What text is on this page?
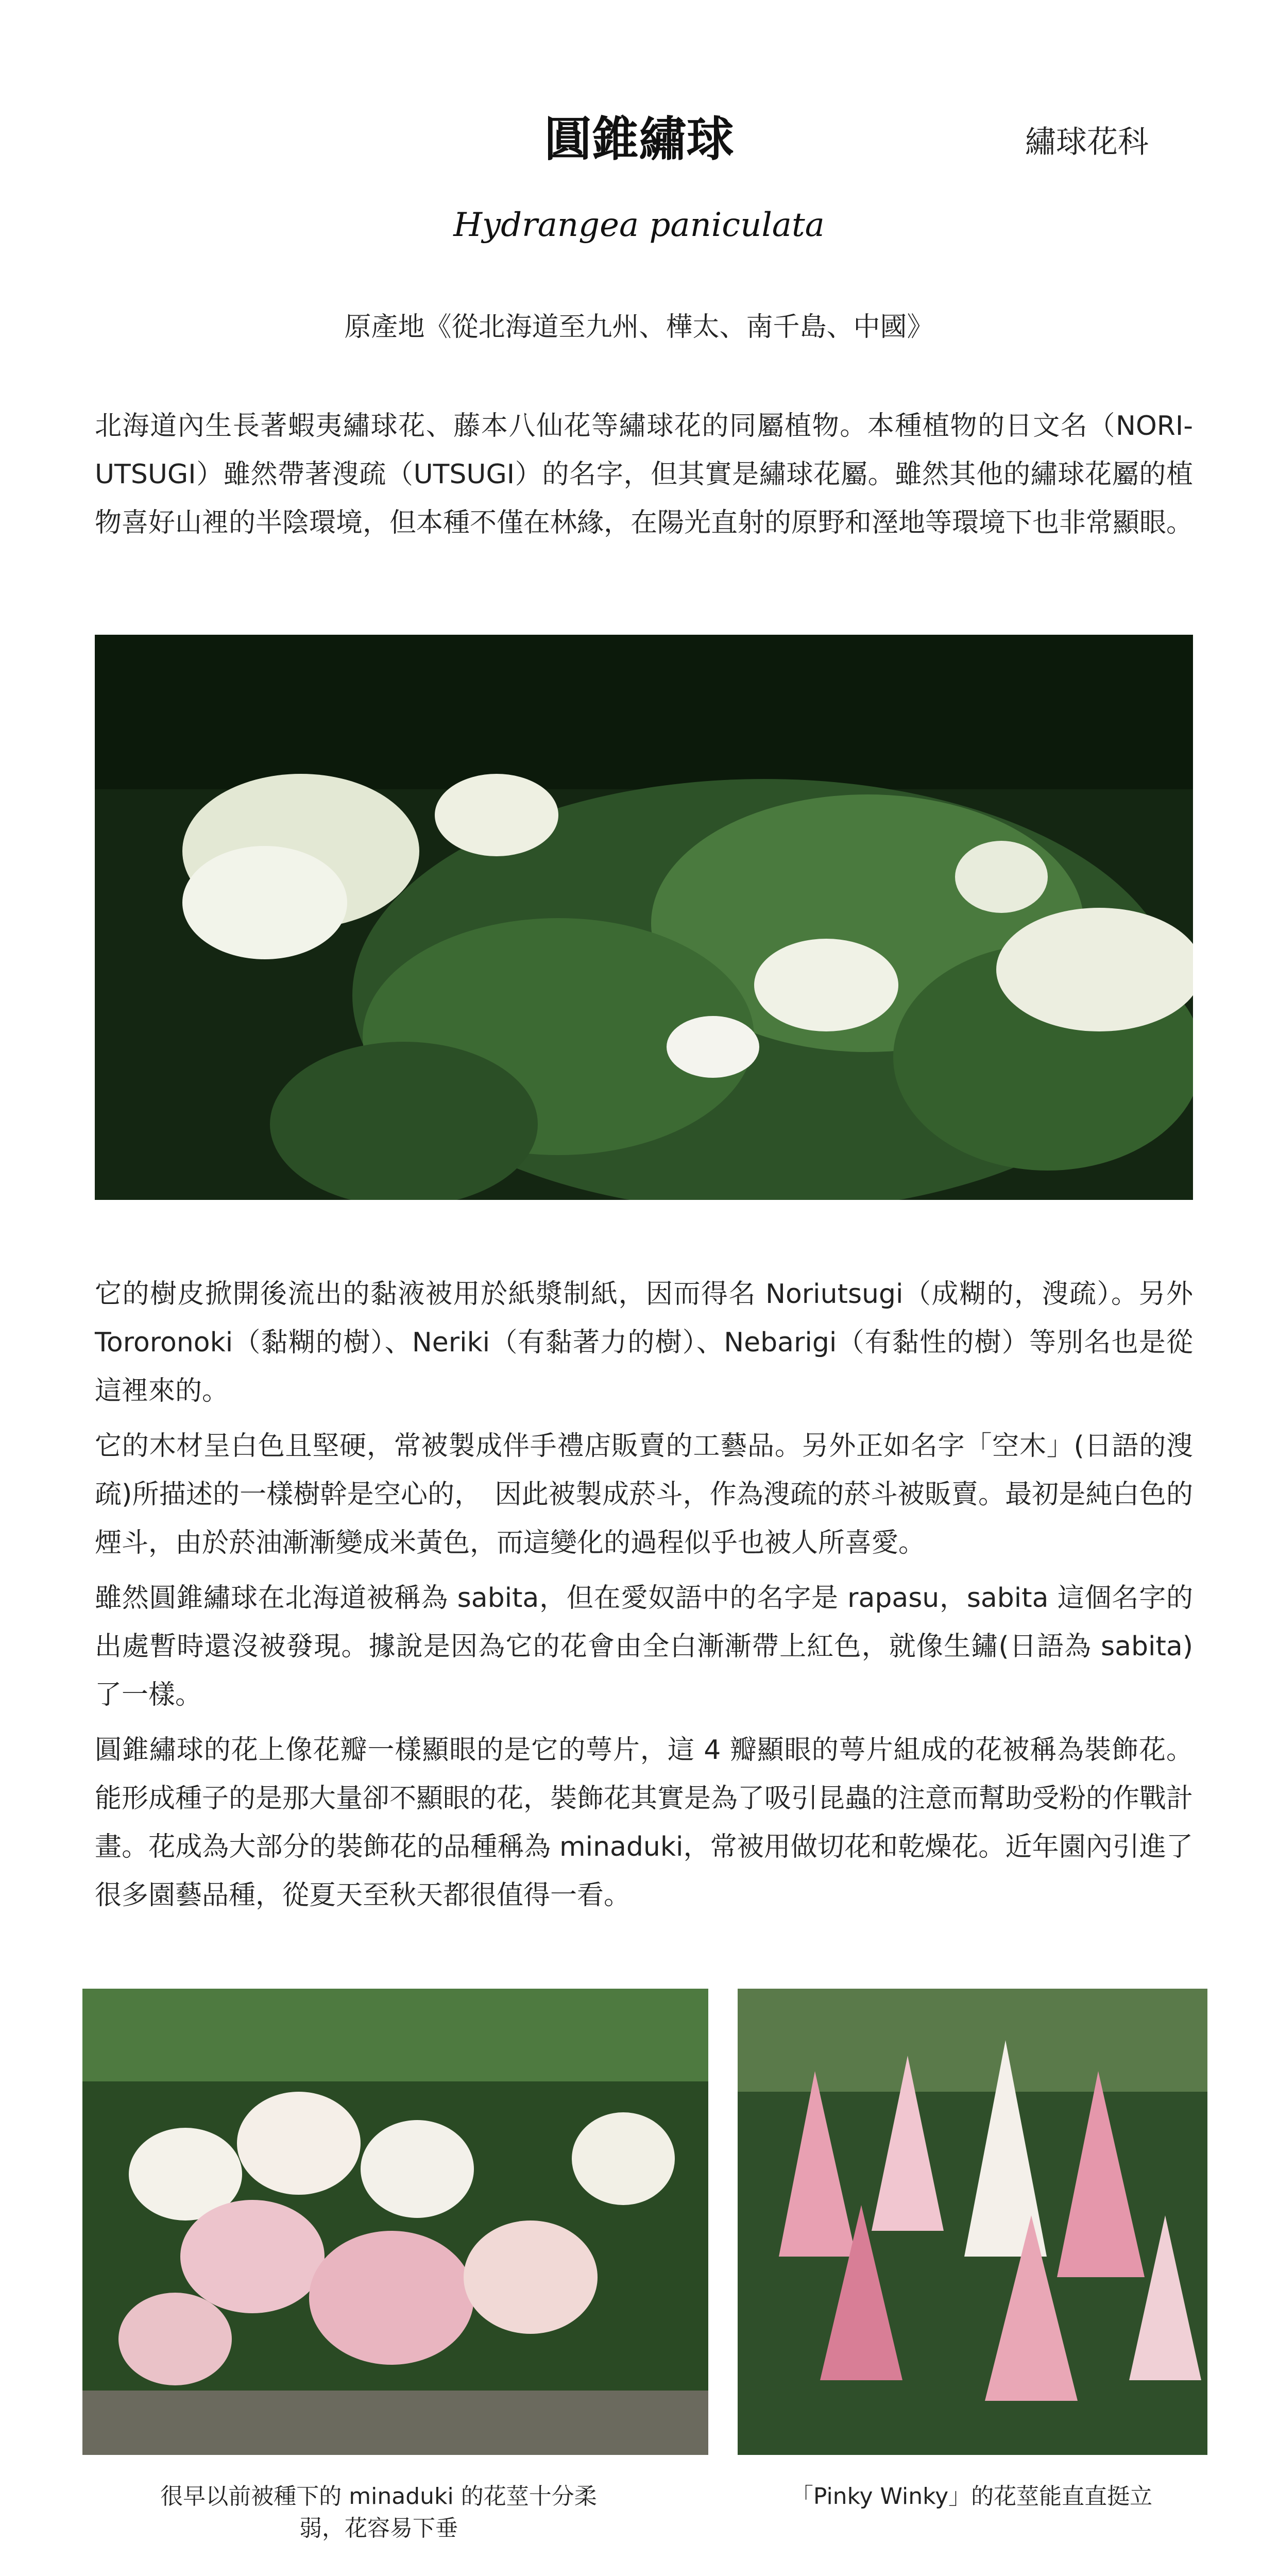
圓錐繡球	繡球花科
Hydrangea paniculata
原產地《從北海道至九州、樺太、南千島、中國》

北海道內生長著蝦夷繡球花、藤本八仙花等繡球花的同屬植物。本種植物的日文名（NORI-UTSUGI）雖然帶著溲疏（UTSUGI）的名字，但其實是繡球花屬。雖然其他的繡球花屬的植物喜好山裡的半陰環境，但本種不僅在林緣，在陽光直射的原野和溼地等環境下也非常顯眼。

它的樹皮掀開後流出的黏液被用於紙漿制紙，因而得名 Noriutsugi（成糊的，溲疏）。另外 Tororonoki（黏糊的樹）、Neriki（有黏著力的樹）、Nebarigi（有黏性的樹）等別名也是從這裡來的。

它的木材呈白色且堅硬，常被製成伴手禮店販賣的工藝品。另外正如名字「空木」(日語的溲疏)所描述的一樣樹幹是空心的，　因此被製成菸斗，作為溲疏的菸斗被販賣。最初是純白色的煙斗，由於菸油漸漸變成米黃色，而這變化的過程似乎也被人所喜愛。

雖然圓錐繡球在北海道被稱為 sabita，但在愛奴語中的名字是 rapasu，sabita 這個名字的出處暫時還沒被發現。據說是因為它的花會由全白漸漸帶上紅色，就像生鏽(日語為 sabita) 了一樣。

圓錐繡球的花上像花瓣一樣顯眼的是它的萼片，這 4 瓣顯眼的萼片組成的花被稱為裝飾花。能形成種子的是那大量卻不顯眼的花，裝飾花其實是為了吸引昆蟲的注意而幫助受粉的作戰計畫。花成為大部分的裝飾花的品種稱為 minaduki，常被用做切花和乾燥花。近年園內引進了很多園藝品種，從夏天至秋天都很值得一看。

很早以前被種下的 minaduki 的花莖十分柔弱，花容易下垂
「Pinky Winky」的花莖能直直挺立
